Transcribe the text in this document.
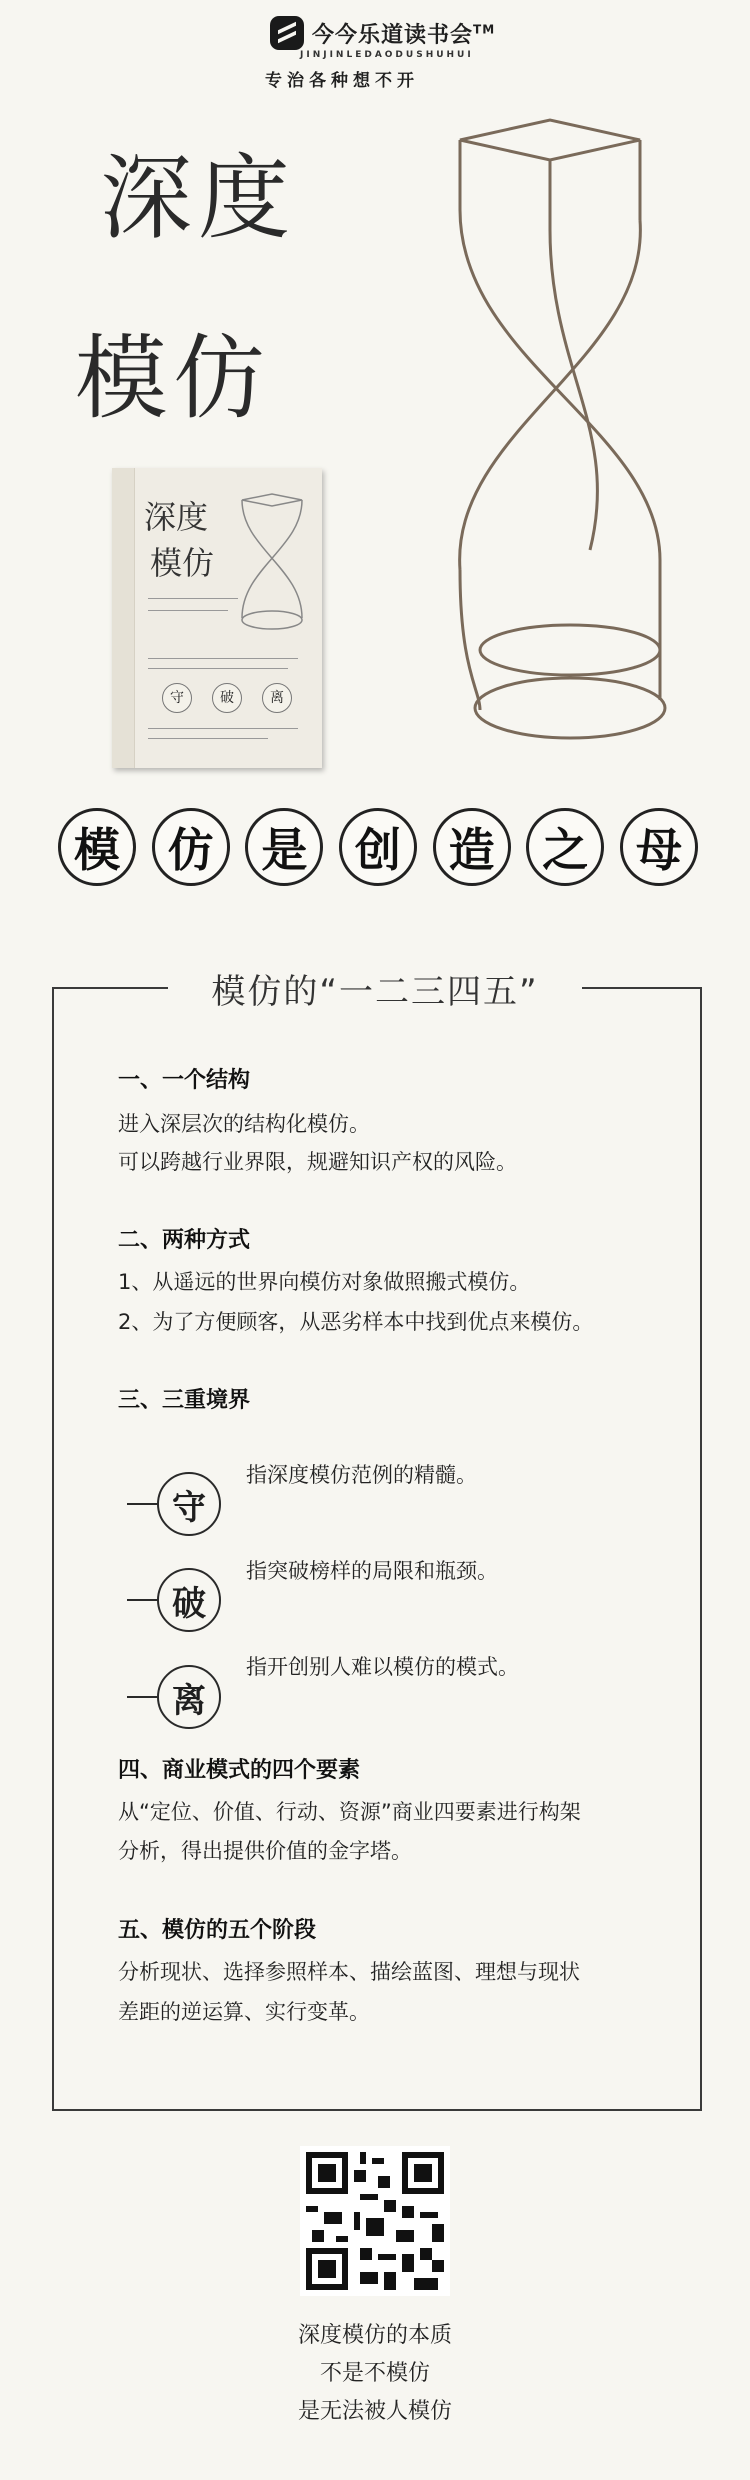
今今乐道读书会™
JINJINLEDAODUSHUHUI
专治各种想不开
深度
模仿
深度
模仿
守	破	离
模	仿	是	创	造	之	母
模仿的“一二三四五”
一、一个结构
进入深层次的结构化模仿。
可以跨越行业界限，规避知识产权的风险。
二、两种方式
1、从遥远的世界向模仿对象做照搬式模仿。
2、为了方便顾客，从恶劣样本中找到优点来模仿。
三、三重境界
守
指深度模仿范例的精髓。
破
指突破榜样的局限和瓶颈。
离
指开创别人难以模仿的模式。
四、商业模式的四个要素
从“定位、价值、行动、资源”商业四要素进行构架
分析，得出提供价值的金字塔。
五、模仿的五个阶段
分析现状、选择参照样本、描绘蓝图、理想与现状
差距的逆运算、实行变革。
深度模仿的本质
不是不模仿
是无法被人模仿
